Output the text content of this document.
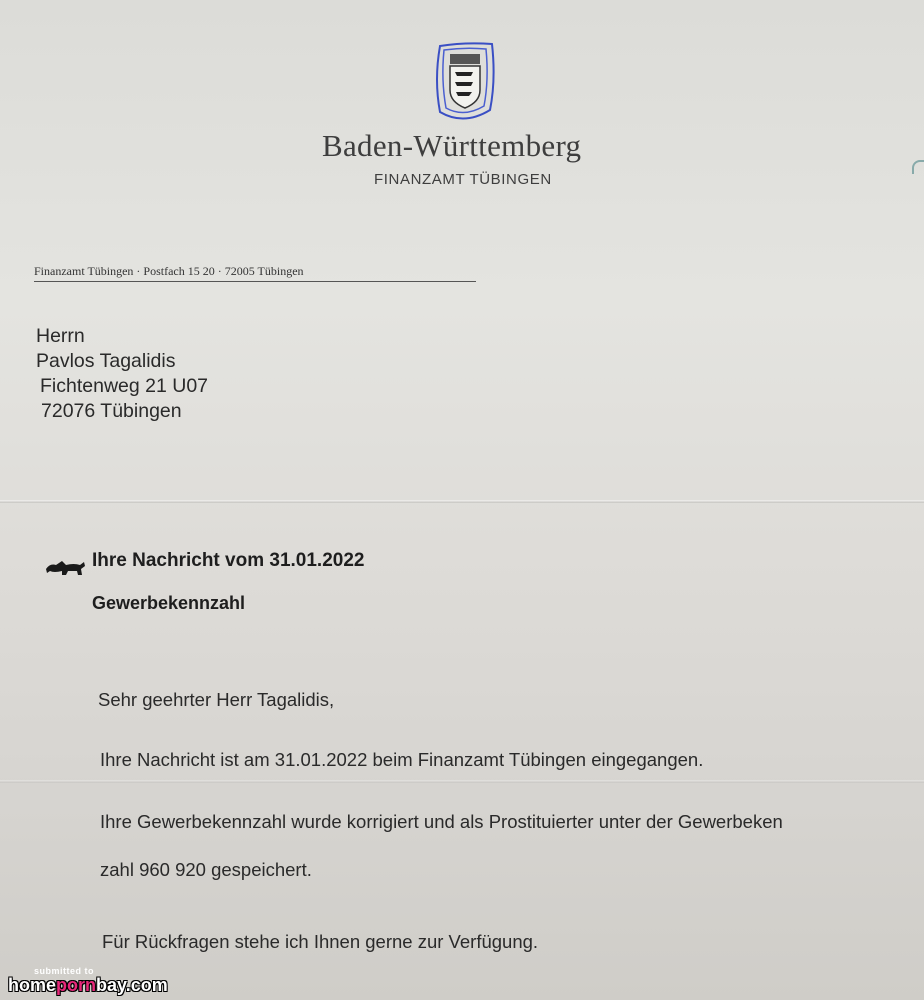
Baden-Württemberg
FINANZAMT TÜBINGEN
Finanzamt Tübingen · Postfach 15 20 · 72005 Tübingen
Herrn
Pavlos Tagalidis
Fichtenweg 21 U07
72076 Tübingen
Ihre Nachricht vom 31.01.2022
Gewerbekennzahl
Sehr geehrter Herr Tagalidis,
Ihre Nachricht ist am 31.01.2022 beim Finanzamt Tübingen eingegangen.
Ihre Gewerbekennzahl wurde korrigiert und als Prostituierter unter der Gewerbeken
zahl 960 920 gespeichert.
Für Rückfragen stehe ich Ihnen gerne zur Verfügung.
submitted to
homepornbay.com
